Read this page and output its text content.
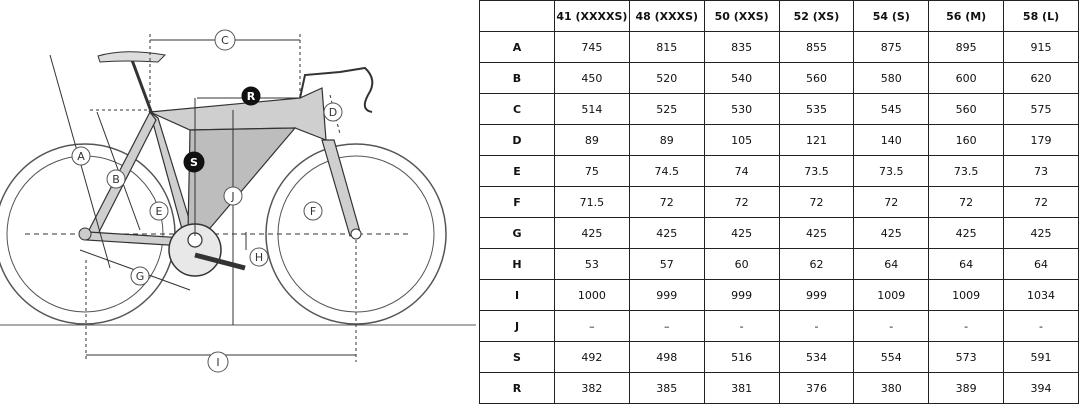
C
R
D
A	S
B
J
E	F
H
G
I
	41 (XXXXS)	48 (XXXS)	50 (XXS)	52 (XS)	54 (S)	56 (M)	58 (L)
A	745	815	835	855	875	895	915
B	450	520	540	560	580	600	620
C	514	525	530	535	545	560	575
D	89	89	105	121	140	160	179
E	75	74.5	74	73.5	73.5	73.5	73
F	71.5	72	72	72	72	72	72
G	425	425	425	425	425	425	425
H	53	57	60	62	64	64	64
I	1000	999	999	999	1009	1009	1034
J	–	–	-	-	-	-	-
S	492	498	516	534	554	573	591
R	382	385	381	376	380	389	394
